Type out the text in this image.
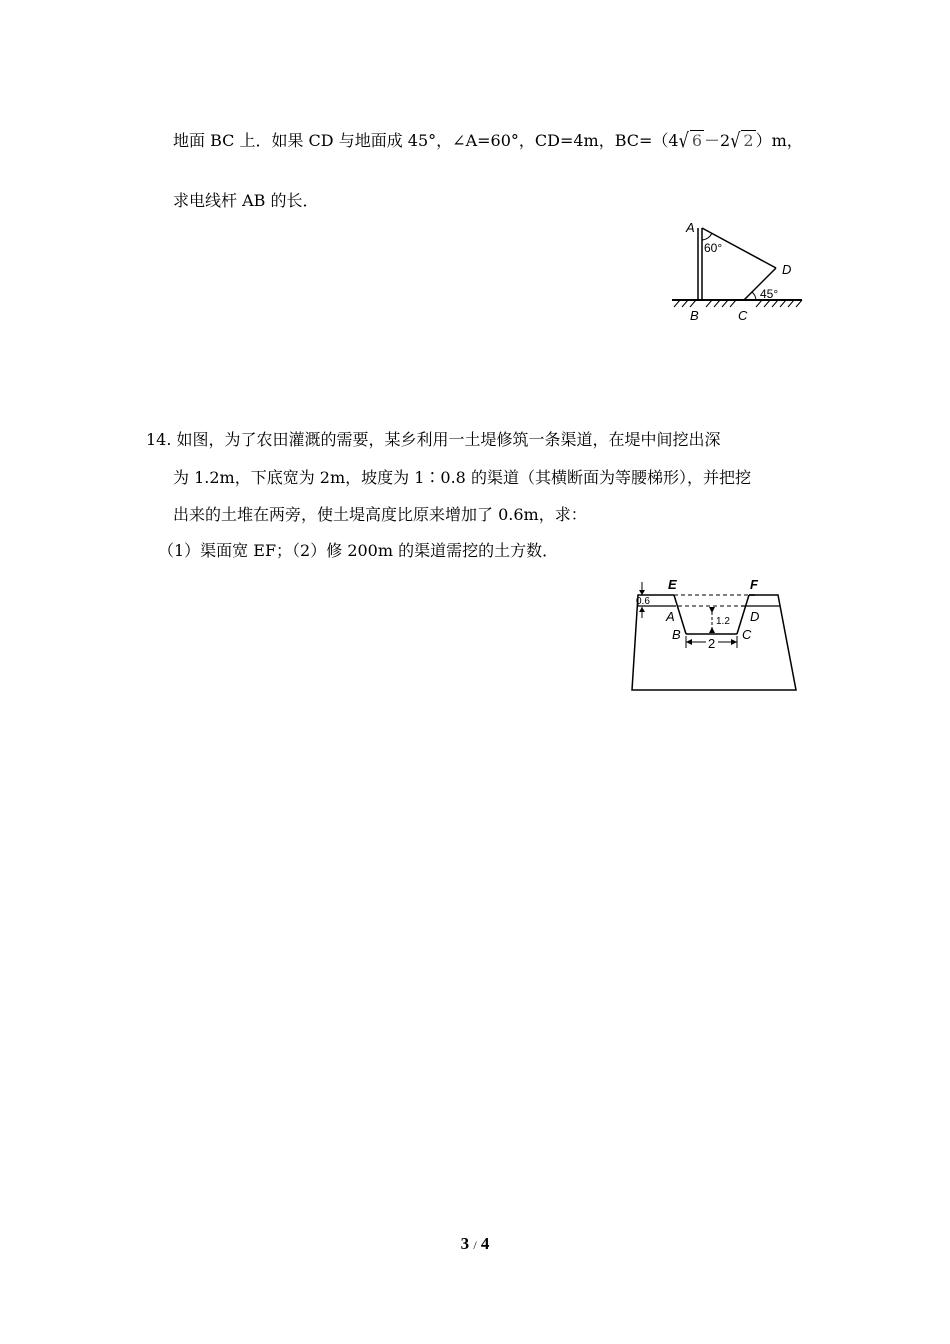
地面 BC 上．如果 CD 与地面成 45°，∠A=60°，CD=4m，BC=（4√ 6 －2√ 2 ）m，
求电线杆 AB 的长．
A
60°
D
45°
B	C
14. 如图，为了农田灌溉的需要，某乡利用一土堤修筑一条渠道，在堤中间挖出深
为 1.2m，下底宽为 2m，坡度为 1∶0.8 的渠道（其横断面为等腰梯形），并把挖
出来的土堆在两旁，使土堤高度比原来增加了 0.6m，求：
（1）渠面宽 EF；（2）修 200m 的渠道需挖的土方数．
0.6
1.2
2
E	F
A	D
B	C
3 / 4
